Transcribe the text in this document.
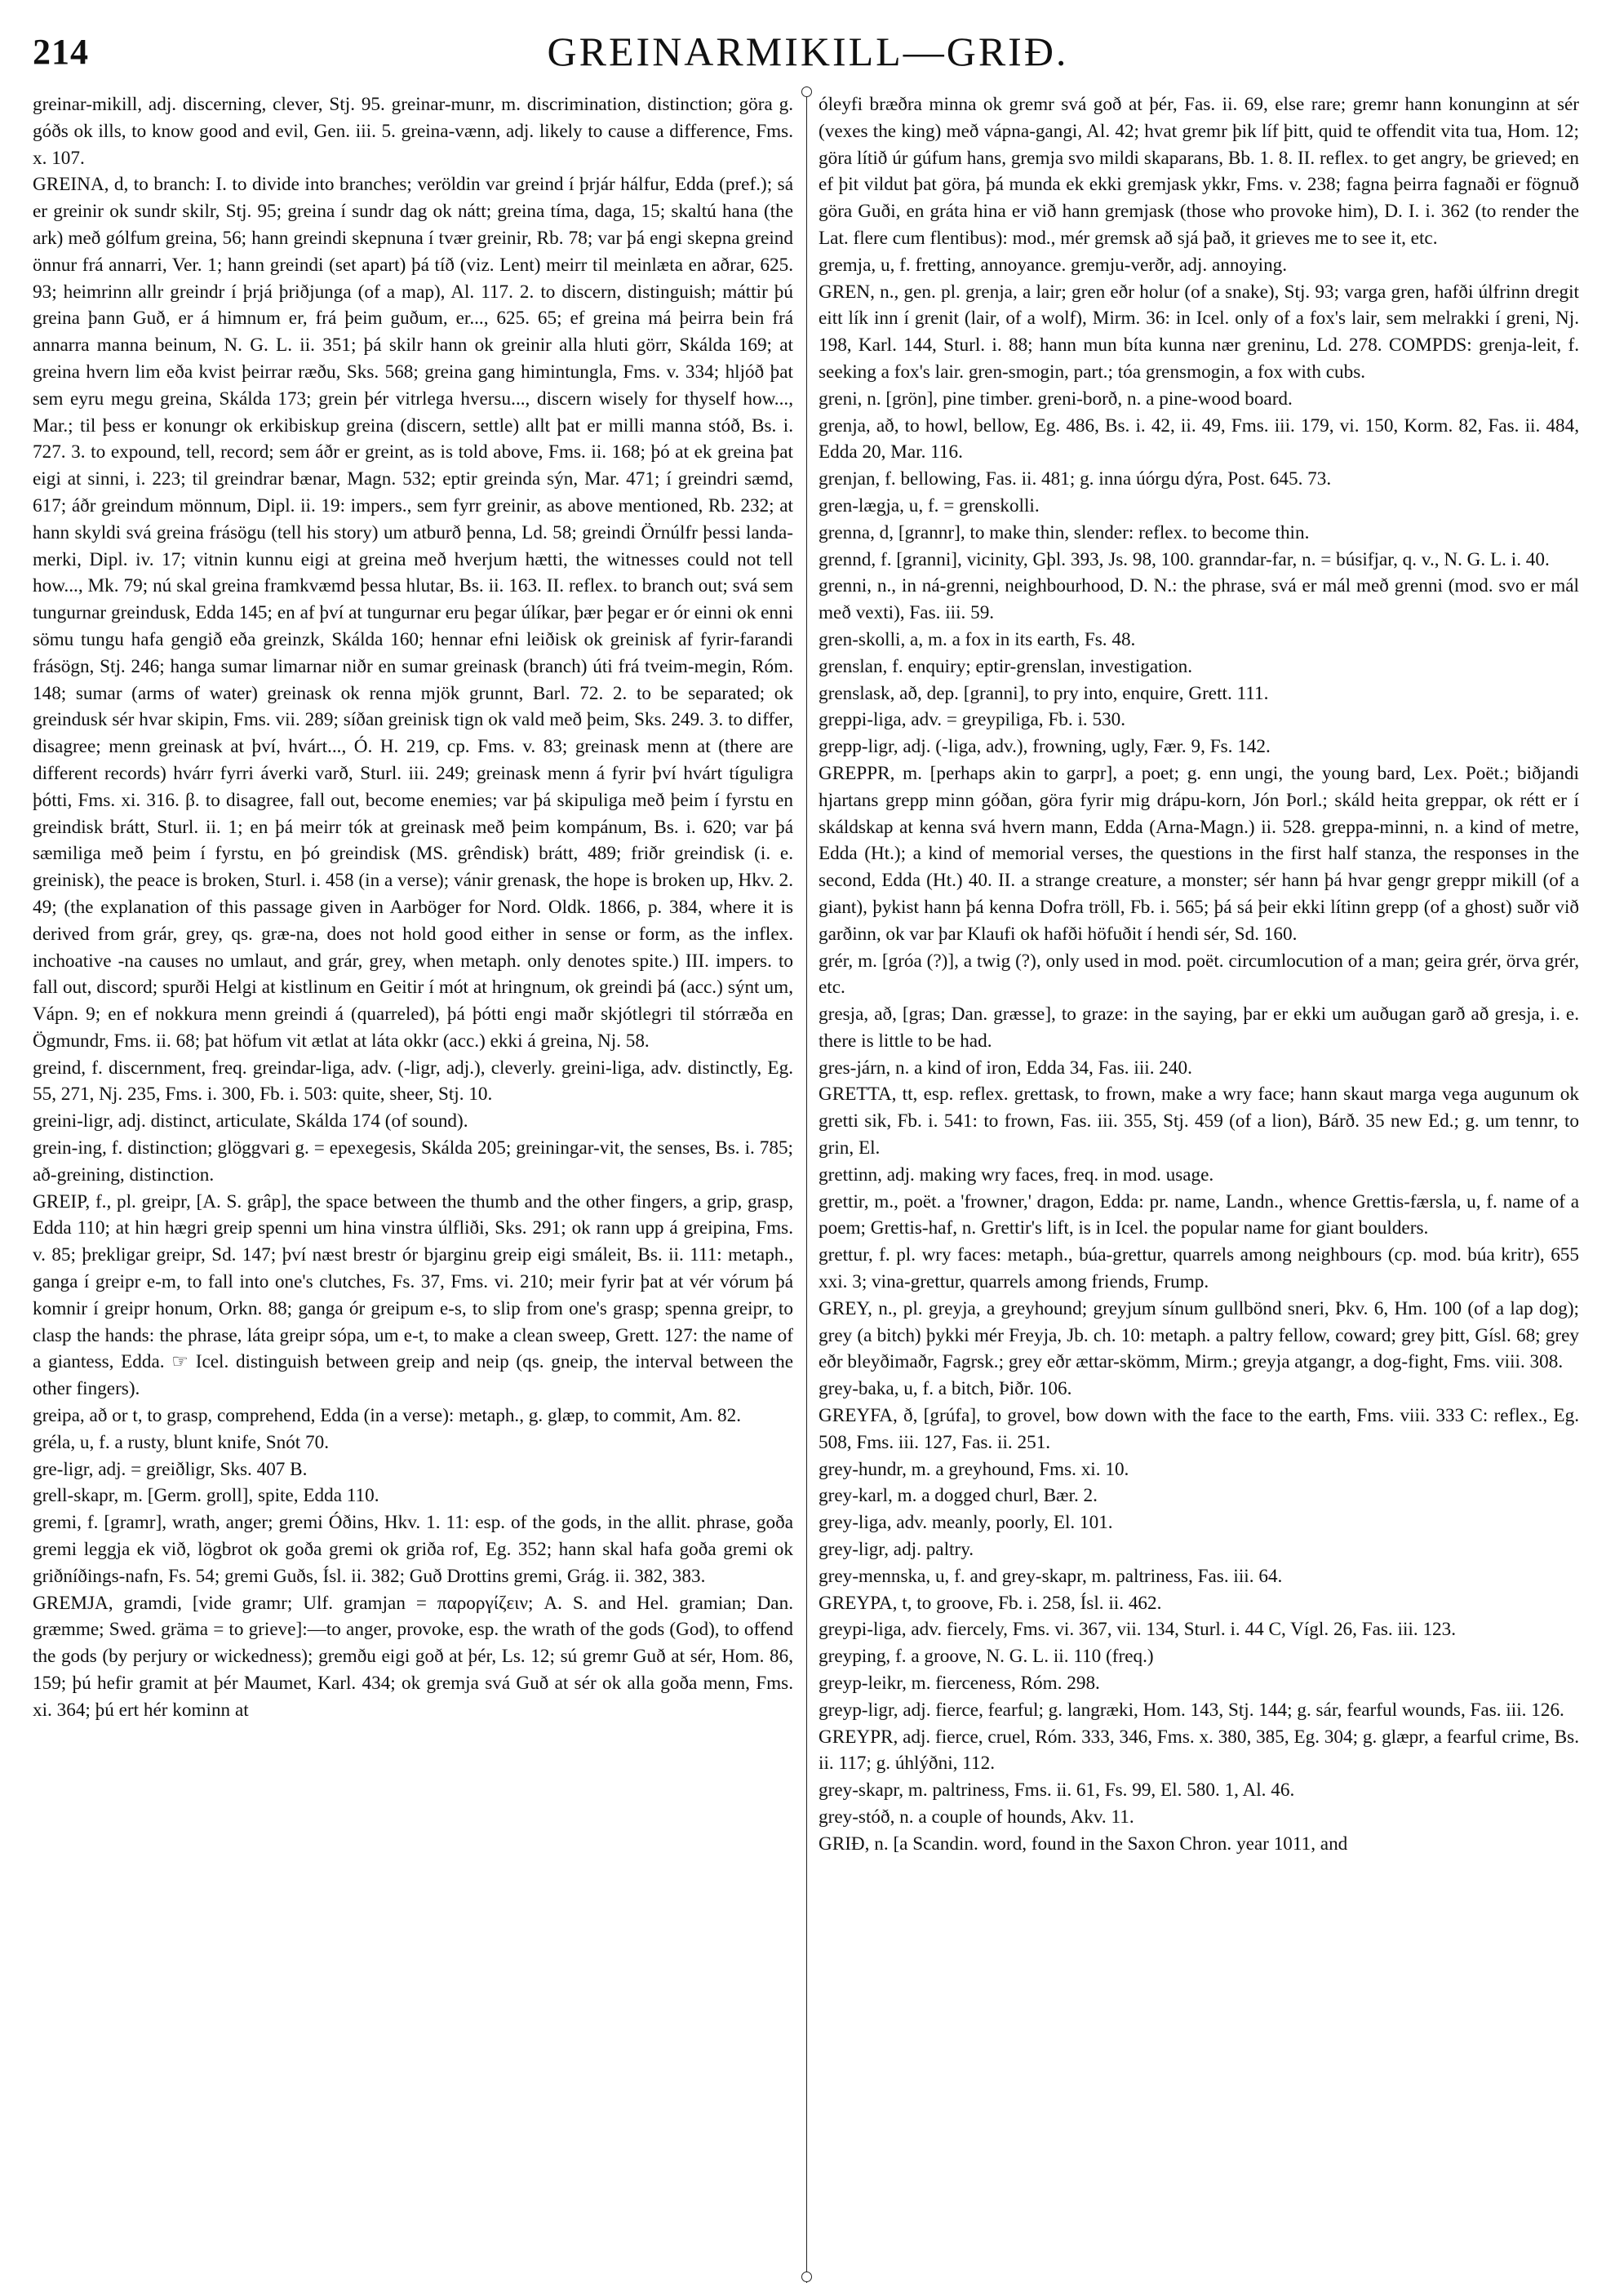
214	GREINARMIKILL—GRIÐ.

greinar-mikill, adj. discerning, clever, Stj. 95. greinar-munr, m. discrimination, distinction; göra g. góðs ok ills, to know good and evil, Gen. iii. 5. greina-vænn, adj. likely to cause a difference, Fms. x. 107.

GREINA, d, to branch: I. to divide into branches; veröldin var greind í þrjár hálfur, Edda (pref.); sá er greinir ok sundr skilr, Stj. 95; greina í sundr dag ok nátt; greina tíma, daga, 15; skaltú hana (the ark) með gólfum greina, 56; hann greindi skepnuna í tvær greinir, Rb. 78; var þá engi skepna greind önnur frá annarri, Ver. 1; hann greindi (set apart) þá tíð (viz. Lent) meirr til meinlæta en aðrar, 625. 93; heimrinn allr greindr í þrjá þriðjunga (of a map), Al. 117. 2. to discern, distinguish; máttir þú greina þann Guð, er á himnum er, frá þeim guðum, er..., 625. 65; ef greina má þeirra bein frá annarra manna beinum, N. G. L. ii. 351; þá skilr hann ok greinir alla hluti görr, Skálda 169; at greina hvern lim eða kvist þeirrar ræðu, Sks. 568; greina gang himintungla, Fms. v. 334; hljóð þat sem eyru megu greina, Skálda 173; grein þér vitrlega hversu..., discern wisely for thyself how..., Mar.; til þess er konungr ok erkibiskup greina (discern, settle) allt þat er milli manna stóð, Bs. i. 727. 3. to expound, tell, record; sem áðr er greint, as is told above, Fms. ii. 168; þó at ek greina þat eigi at sinni, i. 223; til greindrar bænar, Magn. 532; eptir greinda sýn, Mar. 471; í greindri sæmd, 617; áðr greindum mönnum, Dipl. ii. 19: impers., sem fyrr greinir, as above mentioned, Rb. 232; at hann skyldi svá greina frásögu (tell his story) um atburð þenna, Ld. 58; greindi Örnúlfr þessi landa-merki, Dipl. iv. 17; vitnin kunnu eigi at greina með hverjum hætti, the witnesses could not tell how..., Mk. 79; nú skal greina framkvæmd þessa hlutar, Bs. ii. 163. II. reflex. to branch out; svá sem tungurnar greindusk, Edda 145; en af því at tungurnar eru þegar úlíkar, þær þegar er ór einni ok enni sömu tungu hafa gengið eða greinzk, Skálda 160; hennar efni leiðisk ok greinisk af fyrir-farandi frásögn, Stj. 246; hanga sumar limarnar niðr en sumar greinask (branch) úti frá tveim-megin, Róm. 148; sumar (arms of water) greinask ok renna mjök grunnt, Barl. 72. 2. to be separated; ok greindusk sér hvar skipin, Fms. vii. 289; síðan greinisk tign ok vald með þeim, Sks. 249. 3. to differ, disagree; menn greinask at því, hvárt..., Ó. H. 219, cp. Fms. v. 83; greinask menn at (there are different records) hvárr fyrri áverki varð, Sturl. iii. 249; greinask menn á fyrir því hvárt tíguligra þótti, Fms. xi. 316. β. to disagree, fall out, become enemies; var þá skipuliga með þeim í fyrstu en greindisk brátt, Sturl. ii. 1; en þá meirr tók at greinask með þeim kompánum, Bs. i. 620; var þá sæmiliga með þeim í fyrstu, en þó greindisk (MS. grêndisk) brátt, 489; friðr greindisk (i. e. greinisk), the peace is broken, Sturl. i. 458 (in a verse); vánir grenask, the hope is broken up, Hkv. 2. 49; (the explanation of this passage given in Aarböger for Nord. Oldk. 1866, p. 384, where it is derived from grár, grey, qs. græ-na, does not hold good either in sense or form, as the inflex. inchoative -na causes no umlaut, and grár, grey, when metaph. only denotes spite.) III. impers. to fall out, discord; spurði Helgi at kistlinum en Geitir í mót at hringnum, ok greindi þá (acc.) sýnt um, Vápn. 9; en ef nokkura menn greindi á (quarreled), þá þótti engi maðr skjótlegri til stórræða en Ögmundr, Fms. ii. 68; þat höfum vit ætlat at láta okkr (acc.) ekki á greina, Nj. 58.

greind, f. discernment, freq. greindar-liga, adv. (-ligr, adj.), cleverly. greini-liga, adv. distinctly, Eg. 55, 271, Nj. 235, Fms. i. 300, Fb. i. 503: quite, sheer, Stj. 10.

greini-ligr, adj. distinct, articulate, Skálda 174 (of sound).

grein-ing, f. distinction; glöggvari g. = epexegesis, Skálda 205; greiningar-vit, the senses, Bs. i. 785; að-greining, distinction.

GREIP, f., pl. greipr, [A. S. grâp], the space between the thumb and the other fingers, a grip, grasp, Edda 110; at hin hægri greip spenni um hina vinstra úlfliði, Sks. 291; ok rann upp á greipina, Fms. v. 85; þrekligar greipr, Sd. 147; því næst brestr ór bjarginu greip eigi smáleit, Bs. ii. 111: metaph., ganga í greipr e-m, to fall into one's clutches, Fs. 37, Fms. vi. 210; meir fyrir þat at vér vórum þá komnir í greipr honum, Orkn. 88; ganga ór greipum e-s, to slip from one's grasp; spenna greipr, to clasp the hands: the phrase, láta greipr sópa, um e-t, to make a clean sweep, Grett. 127: the name of a giantess, Edda. ☞ Icel. distinguish between greip and neip (qs. gneip, the interval between the other fingers).

greipa, að or t, to grasp, comprehend, Edda (in a verse): metaph., g. glæp, to commit, Am. 82.

gréla, u, f. a rusty, blunt knife, Snót 70.

gre-ligr, adj. = greiðligr, Sks. 407 B.

grell-skapr, m. [Germ. groll], spite, Edda 110.

gremi, f. [gramr], wrath, anger; gremi Óðins, Hkv. 1. 11: esp. of the gods, in the allit. phrase, goða gremi leggja ek við, lögbrot ok goða gremi ok griða rof, Eg. 352; hann skal hafa goða gremi ok griðníðings-nafn, Fs. 54; gremi Guðs, Ísl. ii. 382; Guð Drottins gremi, Grág. ii. 382, 383.

GREMJA, gramdi, [vide gramr; Ulf. gramjan = παροργίζειν; A. S. and Hel. gramian; Dan. græmme; Swed. gräma = to grieve]:—to anger, provoke, esp. the wrath of the gods (God), to offend the gods (by perjury or wickedness); gremðu eigi goð at þér, Ls. 12; sú gremr Guð at sér, Hom. 86, 159; þú hefir gramit at þér Maumet, Karl. 434; ok gremja svá Guð at sér ok alla goða menn, Fms. xi. 364; þú ert hér kominn at

óleyfi bræðra minna ok gremr svá goð at þér, Fas. ii. 69, else rare; gremr hann konunginn at sér (vexes the king) með vápna-gangi, Al. 42; hvat gremr þik líf þitt, quid te offendit vita tua, Hom. 12; göra lítið úr gúfum hans, gremja svo mildi skaparans, Bb. 1. 8. II. reflex. to get angry, be grieved; en ef þit vildut þat göra, þá munda ek ekki gremjask ykkr, Fms. v. 238; fagna þeirra fagnaði er fögnuð göra Guði, en gráta hina er við hann gremjask (those who provoke him), D. I. i. 362 (to render the Lat. flere cum flentibus): mod., mér gremsk að sjá það, it grieves me to see it, etc.

gremja, u, f. fretting, annoyance. gremju-verðr, adj. annoying.

GREN, n., gen. pl. grenja, a lair; gren eðr holur (of a snake), Stj. 93; varga gren, hafði úlfrinn dregit eitt lík inn í grenit (lair, of a wolf), Mirm. 36: in Icel. only of a fox's lair, sem melrakki í greni, Nj. 198, Karl. 144, Sturl. i. 88; hann mun bíta kunna nær greninu, Ld. 278. COMPDS: grenja-leit, f. seeking a fox's lair. gren-smogin, part.; tóa grensmogin, a fox with cubs.

greni, n. [grön], pine timber. greni-borð, n. a pine-wood board.

grenja, að, to howl, bellow, Eg. 486, Bs. i. 42, ii. 49, Fms. iii. 179, vi. 150, Korm. 82, Fas. ii. 484, Edda 20, Mar. 116.

grenjan, f. bellowing, Fas. ii. 481; g. inna úórgu dýra, Post. 645. 73.

gren-lægja, u, f. = grenskolli.

grenna, d, [grannr], to make thin, slender: reflex. to become thin.

grennd, f. [granni], vicinity, Gþl. 393, Js. 98, 100. granndar-far, n. = búsifjar, q. v., N. G. L. i. 40.

grenni, n., in ná-grenni, neighbourhood, D. N.: the phrase, svá er mál með grenni (mod. svo er mál með vexti), Fas. iii. 59.

gren-skolli, a, m. a fox in its earth, Fs. 48.

grenslan, f. enquiry; eptir-grenslan, investigation.

grenslask, að, dep. [granni], to pry into, enquire, Grett. 111.

greppi-liga, adv. = greypiliga, Fb. i. 530.

grepp-ligr, adj. (-liga, adv.), frowning, ugly, Fær. 9, Fs. 142.

GREPPR, m. [perhaps akin to garpr], a poet; g. enn ungi, the young bard, Lex. Poët.; biðjandi hjartans grepp minn góðan, göra fyrir mig drápu-korn, Jón Þorl.; skáld heita greppar, ok rétt er í skáldskap at kenna svá hvern mann, Edda (Arna-Magn.) ii. 528. greppa-minni, n. a kind of metre, Edda (Ht.); a kind of memorial verses, the questions in the first half stanza, the responses in the second, Edda (Ht.) 40. II. a strange creature, a monster; sér hann þá hvar gengr greppr mikill (of a giant), þykist hann þá kenna Dofra tröll, Fb. i. 565; þá sá þeir ekki lítinn grepp (of a ghost) suðr við garðinn, ok var þar Klaufi ok hafði höfuðit í hendi sér, Sd. 160.

grér, m. [gróa (?)], a twig (?), only used in mod. poët. circumlocution of a man; geira grér, örva grér, etc.

gresja, að, [gras; Dan. græsse], to graze: in the saying, þar er ekki um auðugan garð að gresja, i. e. there is little to be had.

gres-járn, n. a kind of iron, Edda 34, Fas. iii. 240.

GRETTA, tt, esp. reflex. grettask, to frown, make a wry face; hann skaut marga vega augunum ok gretti sik, Fb. i. 541: to frown, Fas. iii. 355, Stj. 459 (of a lion), Bárð. 35 new Ed.; g. um tennr, to grin, El.

grettinn, adj. making wry faces, freq. in mod. usage.

grettir, m., poët. a 'frowner,' dragon, Edda: pr. name, Landn., whence Grettis-færsla, u, f. name of a poem; Grettis-haf, n. Grettir's lift, is in Icel. the popular name for giant boulders.

grettur, f. pl. wry faces: metaph., búa-grettur, quarrels among neighbours (cp. mod. búa kritr), 655 xxi. 3; vina-grettur, quarrels among friends, Frump.

GREY, n., pl. greyja, a greyhound; greyjum sínum gullbönd sneri, Þkv. 6, Hm. 100 (of a lap dog); grey (a bitch) þykki mér Freyja, Jb. ch. 10: metaph. a paltry fellow, coward; grey þitt, Gísl. 68; grey eðr bleyðimaðr, Fagrsk.; grey eðr ættar-skömm, Mirm.; greyja atgangr, a dog-fight, Fms. viii. 308.

grey-baka, u, f. a bitch, Þiðr. 106.

GREYFA, ð, [grúfa], to grovel, bow down with the face to the earth, Fms. viii. 333 C: reflex., Eg. 508, Fms. iii. 127, Fas. ii. 251.

grey-hundr, m. a greyhound, Fms. xi. 10.

grey-karl, m. a dogged churl, Bær. 2.

grey-liga, adv. meanly, poorly, El. 101.

grey-ligr, adj. paltry.

grey-mennska, u, f. and grey-skapr, m. paltriness, Fas. iii. 64.

GREYPA, t, to groove, Fb. i. 258, Ísl. ii. 462.

greypi-liga, adv. fiercely, Fms. vi. 367, vii. 134, Sturl. i. 44 C, Vígl. 26, Fas. iii. 123.

greyping, f. a groove, N. G. L. ii. 110 (freq.)

greyp-leikr, m. fierceness, Róm. 298.

greyp-ligr, adj. fierce, fearful; g. langræki, Hom. 143, Stj. 144; g. sár, fearful wounds, Fas. iii. 126.

GREYPR, adj. fierce, cruel, Róm. 333, 346, Fms. x. 380, 385, Eg. 304; g. glæpr, a fearful crime, Bs. ii. 117; g. úhlýðni, 112.

grey-skapr, m. paltriness, Fms. ii. 61, Fs. 99, El. 580. 1, Al. 46.

grey-stóð, n. a couple of hounds, Akv. 11.

GRIÐ, n. [a Scandin. word, found in the Saxon Chron. year 1011, and
